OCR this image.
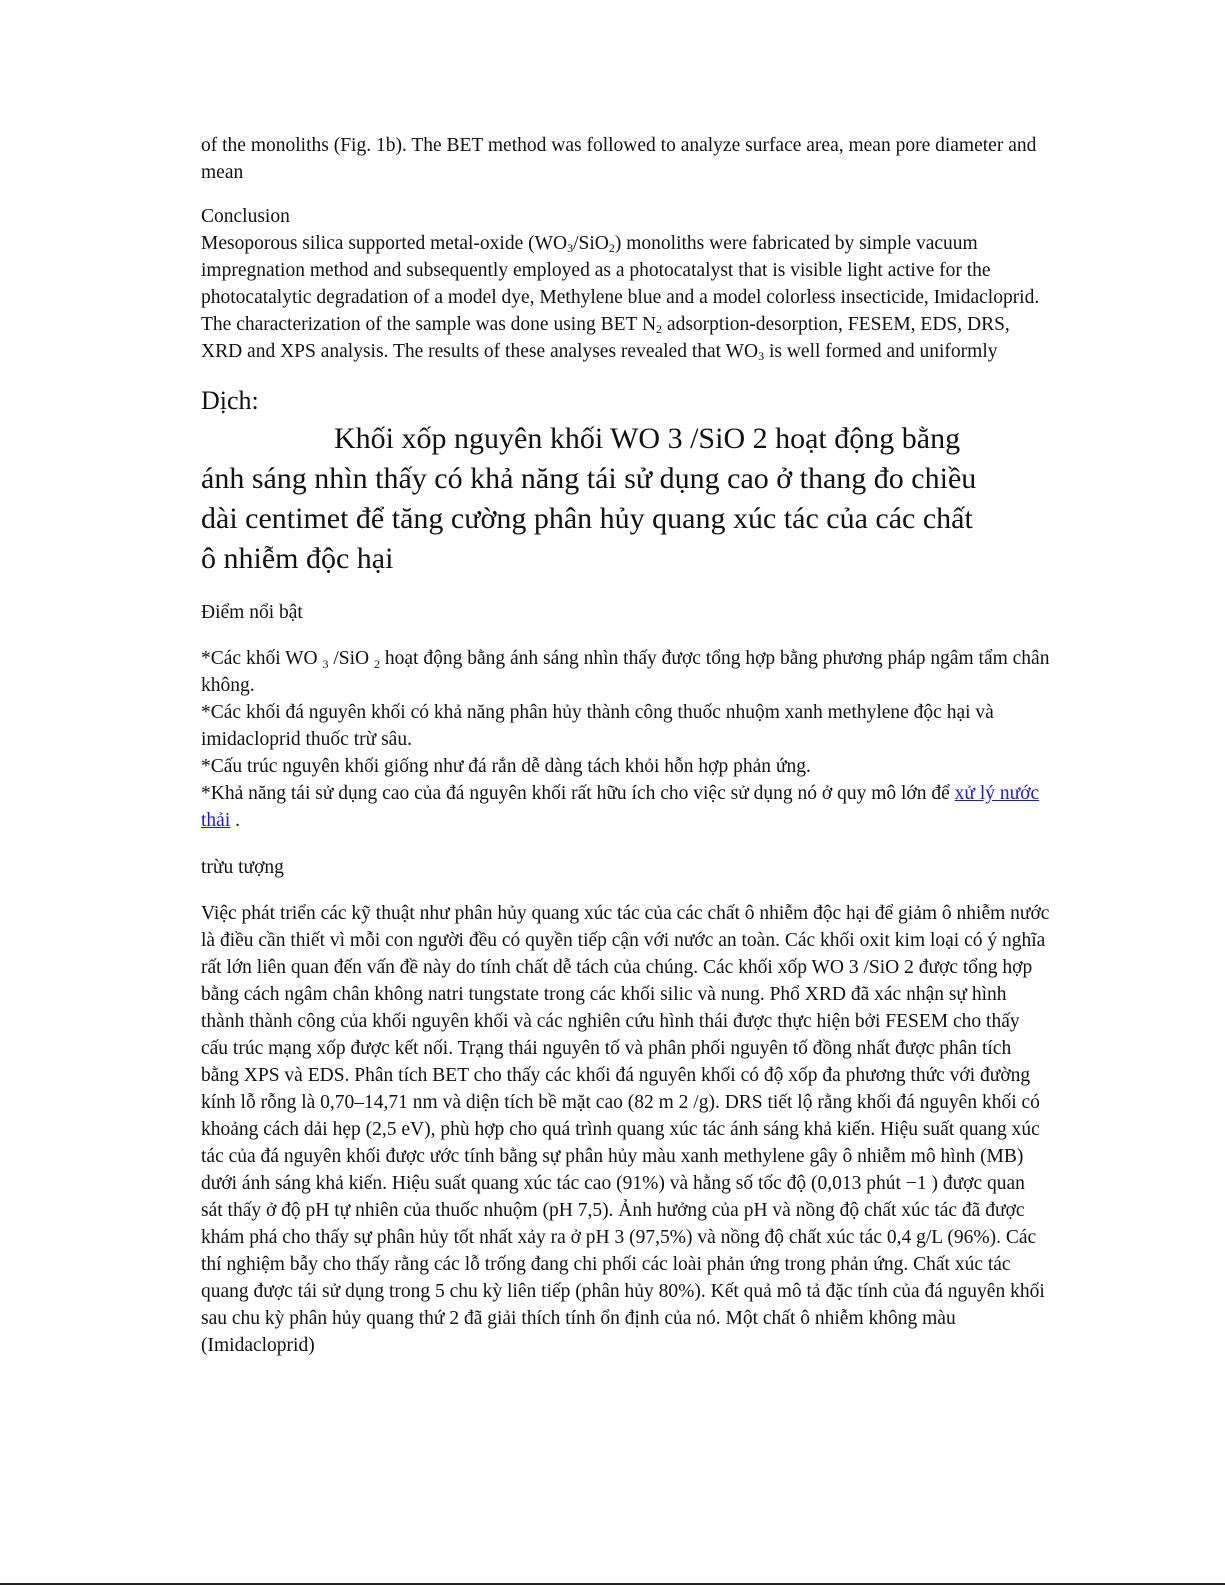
of the monoliths (Fig. 1b). The BET method was followed to analyze surface area, mean pore diameter and mean

Conclusion

Mesoporous silica supported metal-oxide $(WO_3/SiO_2)$ monoliths were fabricated by simple vacuum impregnation method and subsequently employed as a photocatalyst that is visible light active for the photocatalytic degradation of a model dye, Methylene blue and a model colorless insecticide, Imidacloprid. The characterization of the sample was done using BET $N_2$ adsorption-desorption, FESEM, EDS, DRS, XRD and XPS analysis. The results of these analyses revealed that $WO_3$ is well formed and uniformly

Dịch:

Khối xốp nguyên khối WO 3 /SiO 2 hoạt động bằng ánh sáng nhìn thấy có khả năng tái sử dụng cao ở thang đo chiều dài centimet để tăng cường phân hủy quang xúc tác của các chất ô nhiễm độc hại

Điểm nổi bật

*Các khối WO $_3$ /SiO $_2$ hoạt động bằng ánh sáng nhìn thấy được tổng hợp bằng phương pháp ngâm tẩm chân không.

*Các khối đá nguyên khối có khả năng phân hủy thành công thuốc nhuộm xanh methylene độc hại và imidacloprid thuốc trừ sâu.

*Cấu trúc nguyên khối giống như đá rắn dễ dàng tách khỏi hỗn hợp phản ứng.

*Khả năng tái sử dụng cao của đá nguyên khối rất hữu ích cho việc sử dụng nó ở quy mô lớn để xử lý nước thải .

trừu tượng

Việc phát triển các kỹ thuật như phân hủy quang xúc tác của các chất ô nhiễm độc hại để giảm ô nhiễm nước là điều cần thiết vì mỗi con người đều có quyền tiếp cận với nước an toàn. Các khối oxit kim loại có ý nghĩa rất lớn liên quan đến vấn đề này do tính chất dễ tách của chúng. Các khối xốp WO 3 /SiO 2 được tổng hợp bằng cách ngâm chân không natri tungstate trong các khối silic và nung. Phổ XRD đã xác nhận sự hình thành thành công của khối nguyên khối và các nghiên cứu hình thái được thực hiện bởi FESEM cho thấy cấu trúc mạng xốp được kết nối. Trạng thái nguyên tố và phân phối nguyên tố đồng nhất được phân tích bằng XPS và EDS. Phân tích BET cho thấy các khối đá nguyên khối có độ xốp đa phương thức với đường kính lỗ rỗng là 0,70–14,71 nm và diện tích bề mặt cao (82 m 2 /g). DRS tiết lộ rằng khối đá nguyên khối có khoảng cách dải hẹp (2,5 eV), phù hợp cho quá trình quang xúc tác ánh sáng khả kiến. Hiệu suất quang xúc tác của đá nguyên khối được ước tính bằng sự phân hủy màu xanh methylene gây ô nhiễm mô hình (MB) dưới ánh sáng khả kiến. Hiệu suất quang xúc tác cao (91%) và hằng số tốc độ (0,013 phút −1 ) được quan sát thấy ở độ pH tự nhiên của thuốc nhuộm (pH 7,5). Ảnh hưởng của pH và nồng độ chất xúc tác đã được khám phá cho thấy sự phân hủy tốt nhất xảy ra ở pH 3 (97,5%) và nồng độ chất xúc tác 0,4 g/L (96%). Các thí nghiệm bẫy cho thấy rằng các lỗ trống đang chi phối các loài phản ứng trong phản ứng. Chất xúc tác quang được tái sử dụng trong 5 chu kỳ liên tiếp (phân hủy 80%). Kết quả mô tả đặc tính của đá nguyên khối sau chu kỳ phân hủy quang thứ 2 đã giải thích tính ổn định của nó. Một chất ô nhiễm không màu (Imidacloprid)
